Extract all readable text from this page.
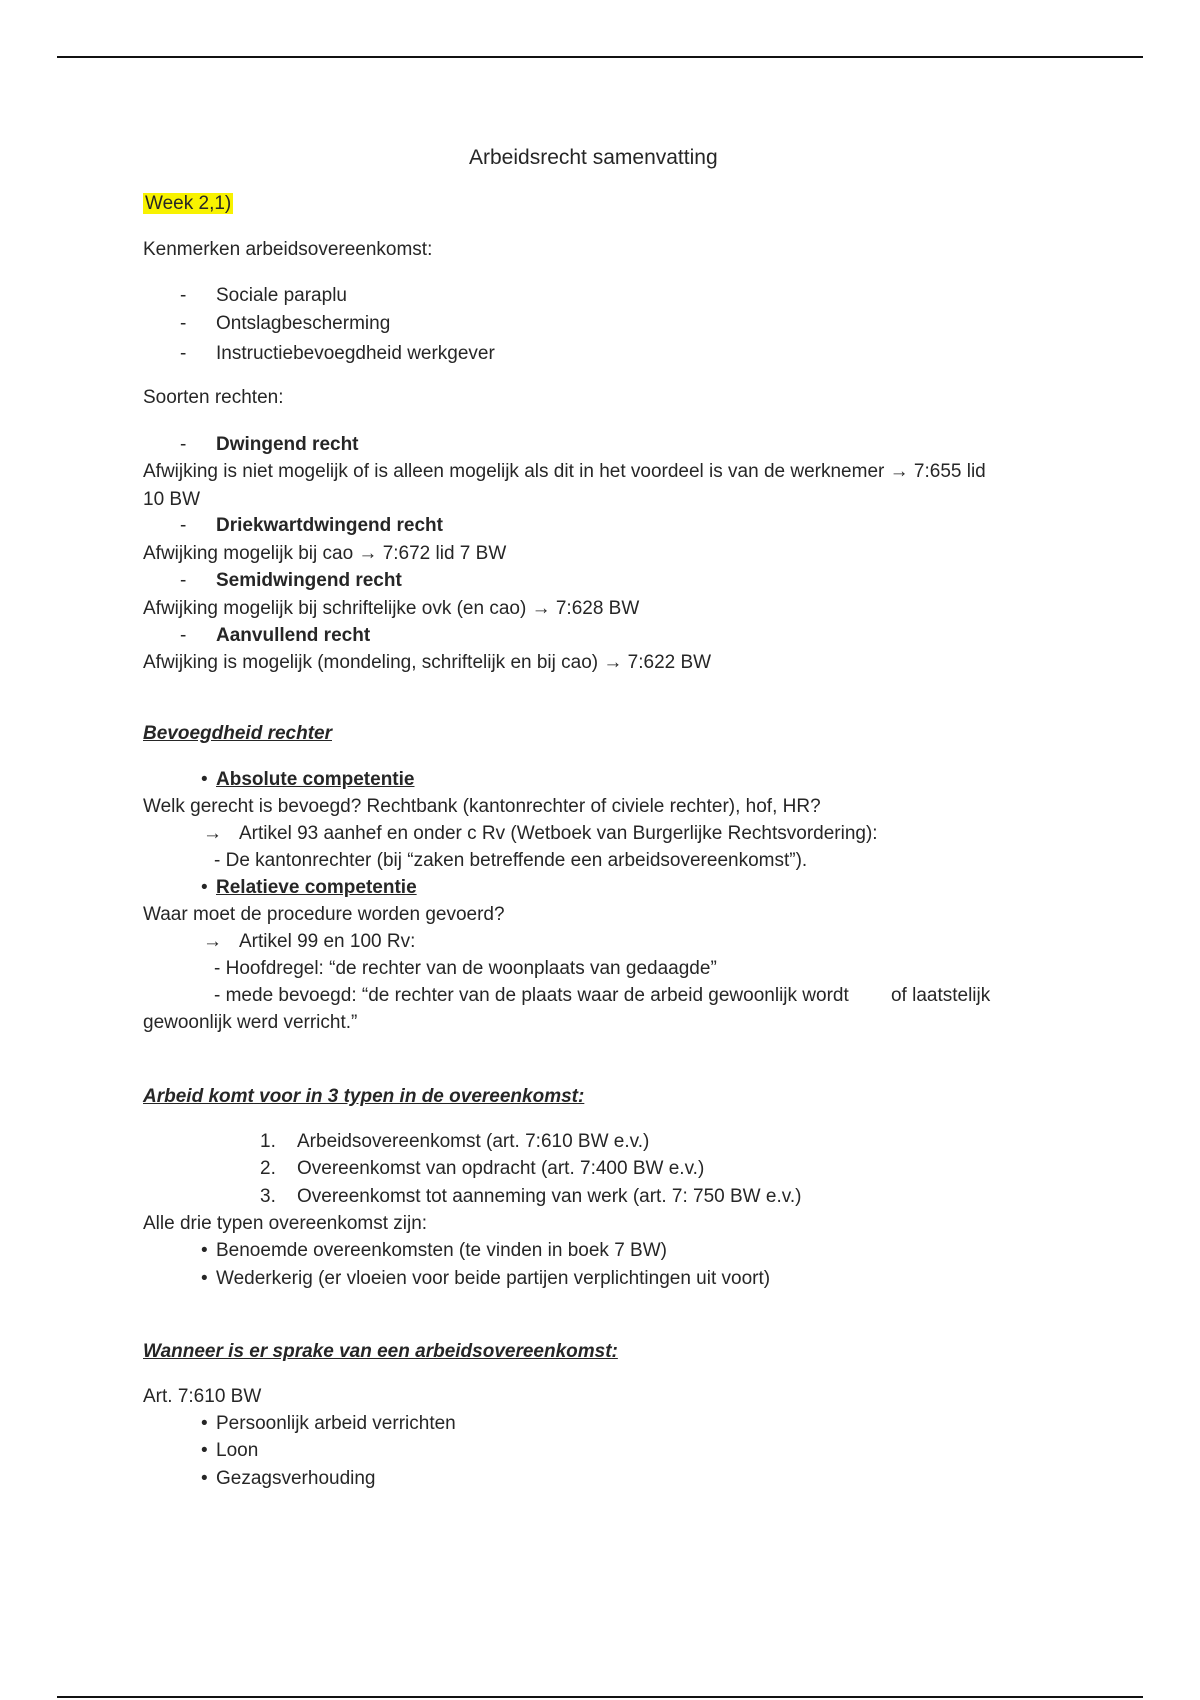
Arbeidsrecht samenvatting
Week 2,1)
Kenmerken arbeidsovereenkomst:
- Sociale paraplu
- Ontslagbescherming
- Instructiebevoegdheid werkgever
Soorten rechten:
- Dwingend recht
Afwijking is niet mogelijk of is alleen mogelijk als dit in het voordeel is van de werknemer → 7:655 lid
10 BW
- Driekwartdwingend recht
Afwijking mogelijk bij cao → 7:672 lid 7 BW
- Semidwingend recht
Afwijking mogelijk bij schriftelijke ovk (en cao) → 7:628 BW
- Aanvullend recht
Afwijking is mogelijk (mondeling, schriftelijk en bij cao) → 7:622 BW
Bevoegdheid rechter
• Absolute competentie
Welk gerecht is bevoegd? Rechtbank (kantonrechter of civiele rechter), hof, HR?
→ Artikel 93 aanhef en onder c Rv (Wetboek van Burgerlijke Rechtsvordering):
- De kantonrechter (bij “zaken betreffende een arbeidsovereenkomst”).
• Relatieve competentie
Waar moet de procedure worden gevoerd?
→ Artikel 99 en 100 Rv:
- Hoofdregel: “de rechter van de woonplaats van gedaagde”
- mede bevoegd: “de rechter van de plaats waar de arbeid gewoonlijk wordt        of laatstelijk
gewoonlijk werd verricht.”
Arbeid komt voor in 3 typen in de overeenkomst:
1. Arbeidsovereenkomst (art. 7:610 BW e.v.)
2. Overeenkomst van opdracht (art. 7:400 BW e.v.)
3. Overeenkomst tot aanneming van werk (art. 7: 750 BW e.v.)
Alle drie typen overeenkomst zijn:
• Benoemde overeenkomsten (te vinden in boek 7 BW)
• Wederkerig (er vloeien voor beide partijen verplichtingen uit voort)
Wanneer is er sprake van een arbeidsovereenkomst:
Art. 7:610 BW
• Persoonlijk arbeid verrichten
• Loon
• Gezagsverhouding
